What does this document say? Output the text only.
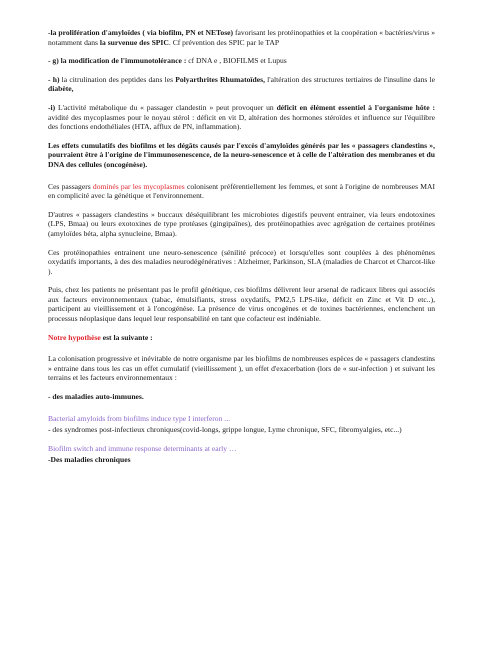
-la prolifération d'amyloïdes ( via biofilm, PN et NETose) favorisant les protéinopathies et la coopération « bactéries/virus » notamment dans la survenue des SPIC. Cf prévention des SPIC par le TAP

- g) la modification de l'immunotolérance : cf DNA e , BIOFILMS et Lupus

- h) la citrulination des peptides dans les Polyarthrites Rhumatoïdes, l'altération des structures tertiaires de l'insuline dans le diabète,

-i) L'activité métabolique du « passager clandestin » peut provoquer un déficit en élément essentiel à l'organisme hôte : avidité des mycoplasmes pour le noyau stérol : déficit en vit D, altération des hormones stéroïdes et influence sur l'équilibre des fonctions endothéliales (HTA, afflux de PN, inflammation).

Les effets cumulatifs des biofilms et les dégâts causés par l'excès d'amyloïdes générés par les « passagers clandestins », pourraient être à l'origine de l'immunosenescence, de la neuro-senescence et à celle de l'altération des membranes et du DNA des cellules (oncogénèse).

Ces passagers dominés par les mycoplasmes colonisent préférentiellement les femmes, et sont à l'origine de nombreuses MAI en complicité avec la génétique et l'environnement.

D'autres « passagers clandestins » buccaux déséquilibrant les microbiotes digestifs peuvent entrainer, via leurs endotoxines (LPS, Bmaa) ou leurs exotoxines de type protéases (gingipaïnes), des protéinopathies avec agrégation de certaines protéines (amyloïdes béta, alpha synucleine, Bmaa).

Ces protéinopathies entrainent une neuro-senescence (sénilité précoce) et lorsqu'elles sont couplées à des phénomènes oxydatifs importants, à des des maladies neurodégénératives : Alzheimer, Parkinson, SLA (maladies de Charcot et Charcot-like ).

Puis, chez les patients ne présentant pas le profil génétique, ces biofilms délivrent leur arsenal de radicaux libres qui associés aux facteurs environnementaux (tabac, émulsifiants, stress oxydatifs, PM2,5 LPS-like, déficit en Zinc et Vit D etc..), participent au vieillissement et à l'oncogénèse. La présence de virus oncogènes et de toxines bactériennes, enclenchent un processus néoplasique dans lequel leur responsabilité en tant que cofacteur est indéniable.

Notre hypothèse est la suivante :

La colonisation progressive et inévitable de notre organisme par les biofilms de nombreuses espèces de « passagers clandestins » entraine dans tous les cas un effet cumulatif (vieillissement ), un effet d'exacerbation (lors de « sur-infection ) et suivant les terrains et les facteurs environnementaux :

- des maladies auto-immunes.

Bacterial amyloids from biofilms induce type I interferon ...

- des syndromes post-infectieux chroniques(covid-longs, grippe longue, Lyme chronique, SFC, fibromyalgies, etc...)

Biofilm switch and immune response determinants at early …

-Des maladies chroniques
